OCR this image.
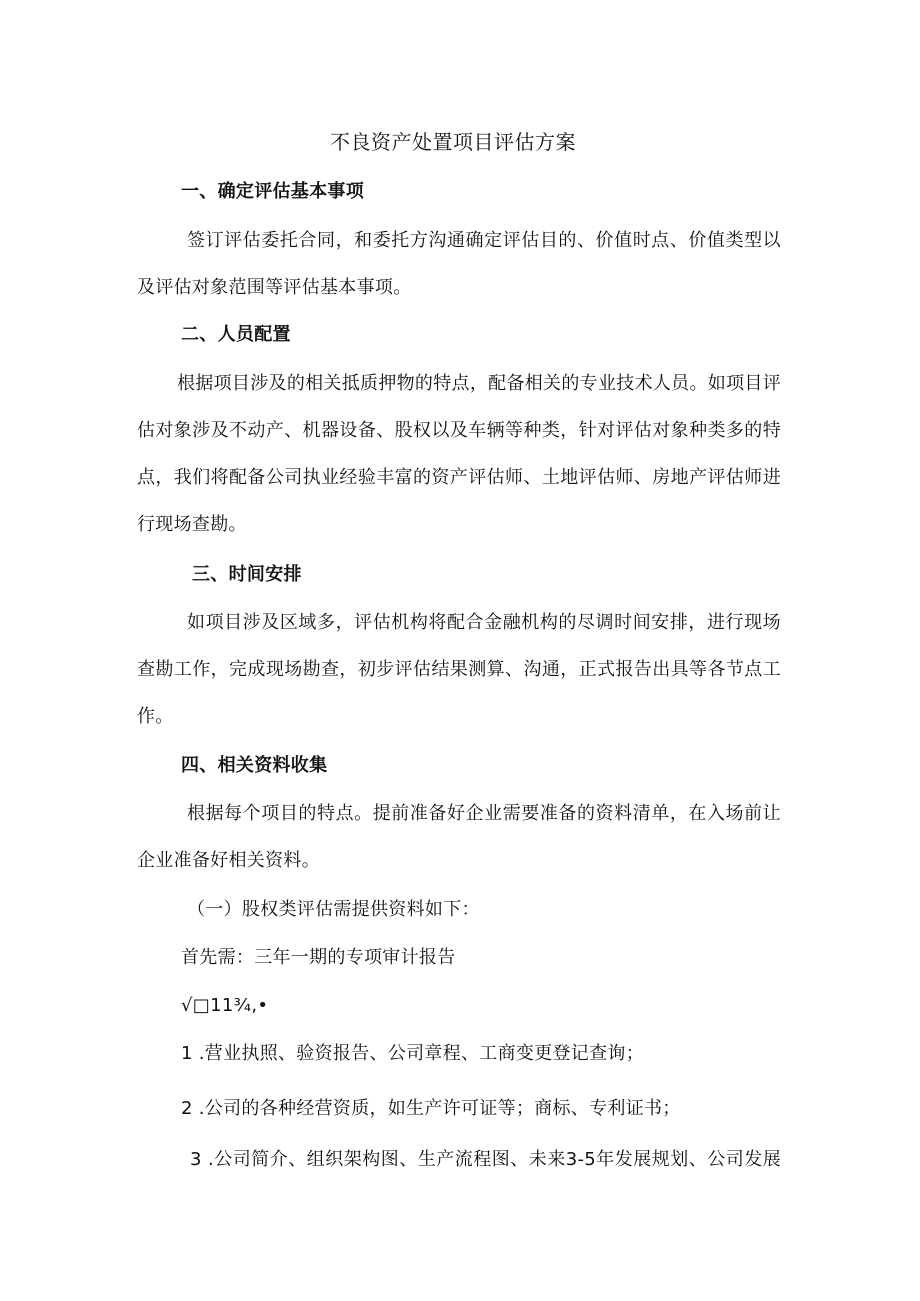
不良资产处置项目评估方案
一、确定评估基本事项
签订评估委托合同，和委托方沟通确定评估目的、价值时点、价值类型以
及评估对象范围等评估基本事项。
二、人员配置
根据项目涉及的相关抵质押物的特点，配备相关的专业技术人员。如项目评
估对象涉及不动产、机器设备、股权以及车辆等种类，针对评估对象种类多的特
点，我们将配备公司执业经验丰富的资产评估师、土地评估师、房地产评估师进
行现场查勘。
三、时间安排
如项目涉及区域多，评估机构将配合金融机构的尽调时间安排，进行现场
查勘工作，完成现场勘查，初步评估结果测算、沟通，正式报告出具等各节点工
作。
四、相关资料收集
根据每个项目的特点。提前准备好企业需要准备的资料清单，在入场前让
企业准备好相关资料。
（一）股权类评估需提供资料如下：
首先需：三年一期的专项审计报告
√□11¾,•
1 .营业执照、验资报告、公司章程、工商变更登记查询；
2 .公司的各种经营资质，如生产许可证等；商标、专利证书；
3 .公司简介、组织架构图、生产流程图、未来3-5年发展规划、公司发展
